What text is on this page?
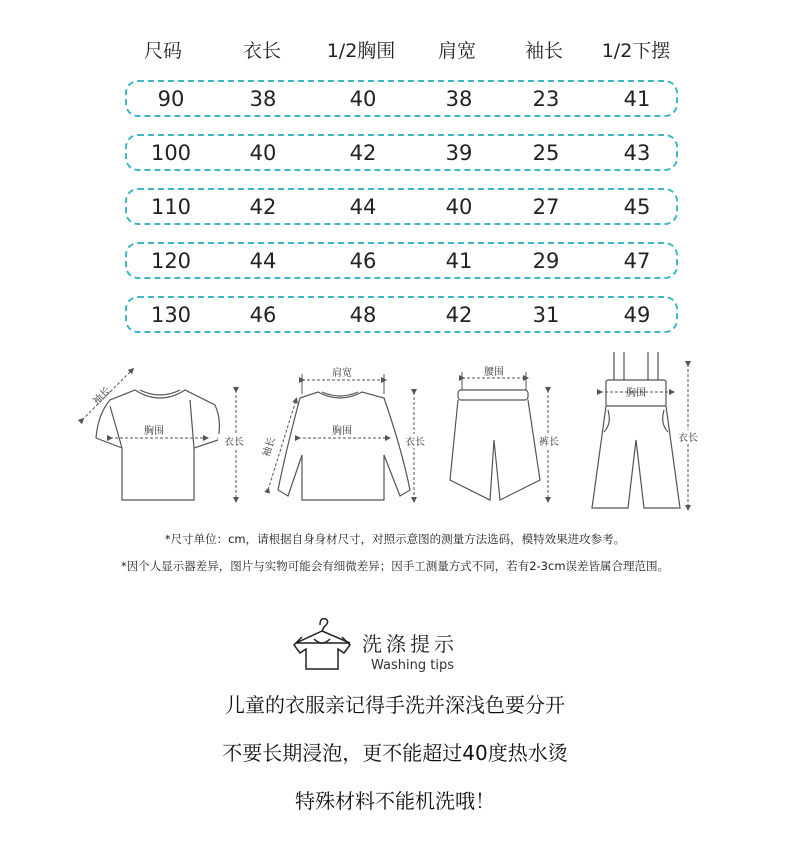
尺码	衣长	1/2胸围	肩宽	袖长	1/2下摆
90	38	40	38	23	41
100	40	42	39	25	43
110	42	44	40	27	45
120	44	46	41	29	47
130	46	48	42	31	49
胸围
衣长
袖长
肩宽
胸围
衣长
袖长
腰围
裤长
胸围
衣长
*尺寸单位：cm，请根据自身身材尺寸，对照示意图的测量方法选码，模特效果进攻参考。
*因个人显示器差异，图片与实物可能会有细微差异；因手工测量方式不同，若有2-3cm误差皆属合理范围。
洗涤提示
Washing tips
儿童的衣服亲记得手洗并深浅色要分开
不要长期浸泡，更不能超过40度热水烫
特殊材料不能机洗哦！
